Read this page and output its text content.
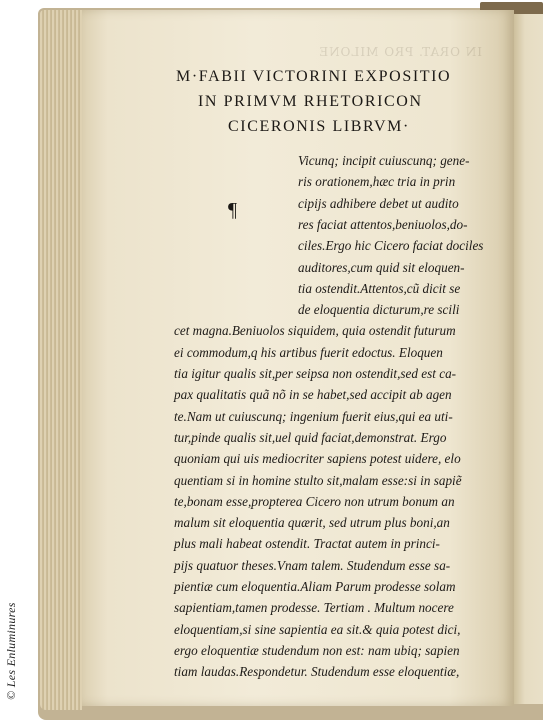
© Les Enluminures
IN ORAT. PRO MILONE
M·FABII VICTORINI EXPOSITIO
IN PRIMVM RHETORICON
CICERONIS LIBRVM·
¶
Vicunq; incipit cuiuscunq; gene-
ris orationem,hæc tria in prin
cipijs adhibere debet ut audito
res faciat attentos,beniuolos,do-
ciles.Ergo hic Cicero faciat dociles
auditores,cum quid sit eloquen-
tia ostendit.Attentos,cũ dicit se
de eloquentia dicturum,re scili
cet magna.Beniuolos siquidem, quia ostendit futurum
ei commodum,q his artibus fuerit edoctus. Eloquen
tia igitur qualis sit,per seipsa non ostendit,sed est ca-
pax qualitatis quã nõ in se habet,sed accipit ab agen
te.Nam ut cuiuscunq; ingenium fuerit eius,qui ea uti-
tur,pinde qualis sit,uel quid faciat,demonstrat. Ergo
quoniam qui uis mediocriter sapiens potest uidere, elo
quentiam si in homine stulto sit,malam esse:si in sapiẽ
te,bonam esse,propterea Cicero non utrum bonum an
malum sit eloquentia quærit, sed utrum plus boni,an
plus mali habeat ostendit. Tractat autem in princi-
pijs quatuor theses.Vnam talem. Studendum esse sa-
pientiæ cum eloquentia.Aliam Parum prodesse solam
sapientiam,tamen prodesse. Tertiam . Multum nocere
eloquentiam,si sine sapientia ea sit.& quia potest dici,
ergo eloquentiæ studendum non est: nam ubiq; sapien
tiam laudas.Respondetur. Studendum esse eloquentiæ,
